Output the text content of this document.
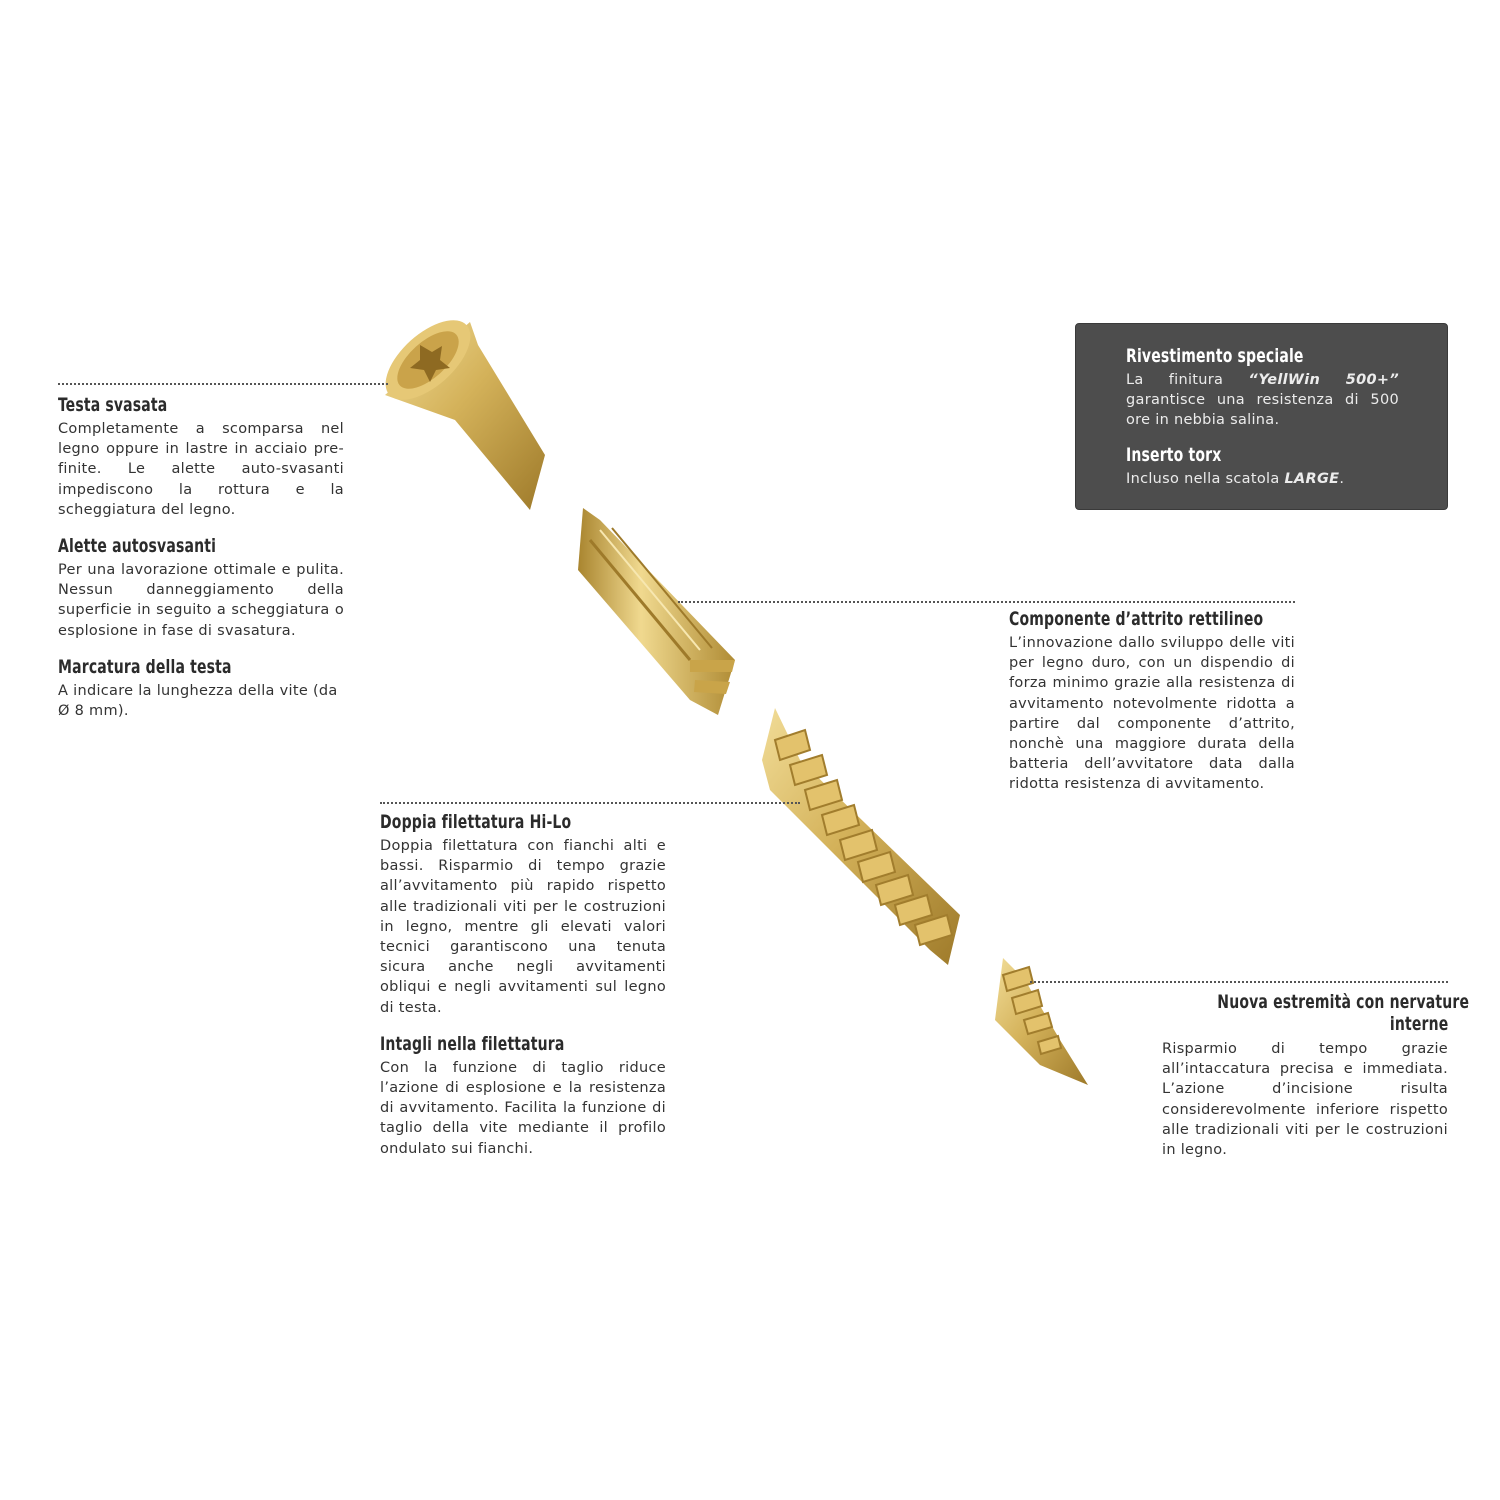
Testa svasata
Completamente a scomparsa nel legno oppure in lastre in acciaio pre-finite. Le alette auto-svasanti impediscono la rottura e la scheggiatura del legno.
Alette autosvasanti
Per una lavorazione ottimale e pulita. Nessun danneggiamento della superficie in seguito a scheggiatura o esplosione in fase di svasatura.
Marcatura della testa
A indicare la lunghezza della vite (da Ø 8 mm).
Componente d’attrito rettilineo
L’innovazione dallo sviluppo delle viti per legno duro, con un dispendio di forza minimo grazie alla resistenza di avvitamento notevolmente ridotta a partire dal componente d’attrito, nonchè una maggiore durata della batteria dell’avvitatore data dalla ridotta resistenza di avvitamento.
Doppia filettatura Hi-Lo
Doppia filettatura con fianchi alti e bassi. Risparmio di tempo grazie all’avvitamento più rapido rispetto alle tradizionali viti per le costruzioni in legno, mentre gli elevati valori tecnici garantiscono una tenuta sicura anche negli avvitamenti obliqui e negli avvitamenti sul legno di testa.
Intagli nella filettatura
Con la funzione di taglio riduce l’azione di esplosione e la resistenza di avvitamento. Facilita la funzione di taglio della vite mediante il profilo ondulato sui fianchi.
Nuova estremità con nervature
interne
Risparmio di tempo grazie all’intaccatura precisa e immediata. L’azione d’incisione risulta considerevolmente inferiore rispetto alle tradizionali viti per le costruzioni in legno.
Rivestimento speciale
La finitura “YellWin 500+” garantisce una resistenza di 500 ore in nebbia salina.
Inserto torx
Incluso nella scatola LARGE.
